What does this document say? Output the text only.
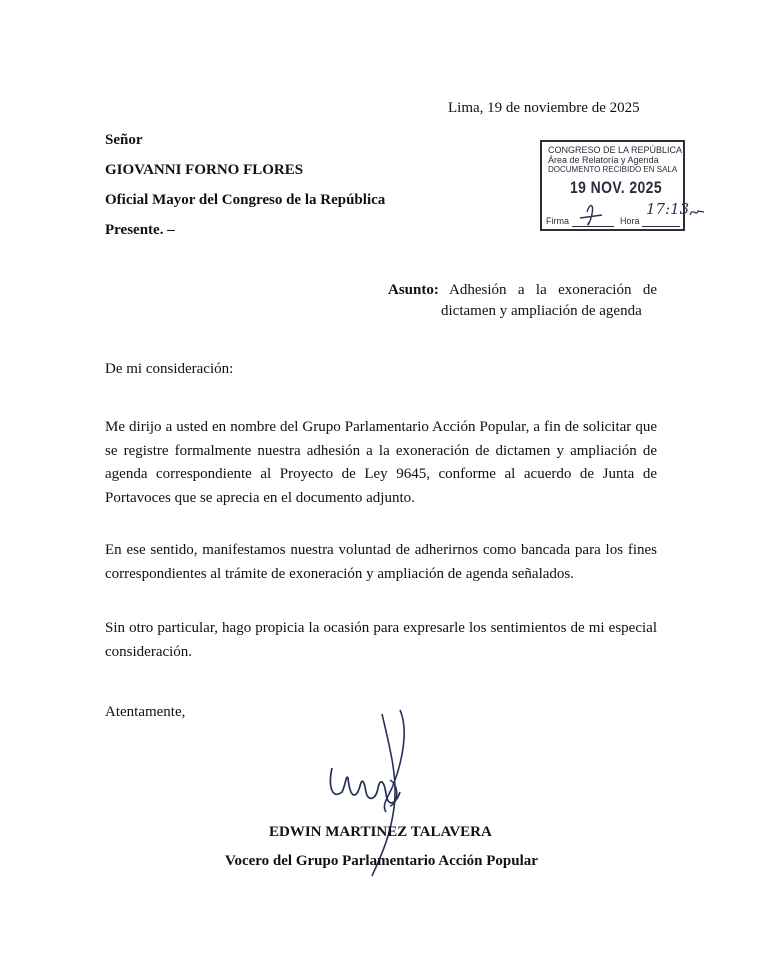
Lima, 19 de noviembre de 2025
Señor
GIOVANNI FORNO FLORES
Oficial Mayor del Congreso de la República
Presente. –
CONGRESO DE LA REPÚBLICA
Área de Relatoría y Agenda
DOCUMENTO RECIBIDO EN SALA
19 NOV. 2025
Firma	Hora
17:13
Asunto: Adhesión a la exoneración de
dictamen y ampliación de agenda
De mi consideración:
Me dirijo a usted en nombre del Grupo Parlamentario Acción Popular, a fin de solicitar que se registre formalmente nuestra adhesión a la exoneración de dictamen y ampliación de agenda correspondiente al Proyecto de Ley 9645, conforme al acuerdo de Junta de Portavoces que se aprecia en el documento adjunto.
En ese sentido, manifestamos nuestra voluntad de adherirnos como bancada para los fines correspondientes al trámite de exoneración y ampliación de agenda señalados.
Sin otro particular, hago propicia la ocasión para expresarle los sentimientos de mi especial consideración.
Atentamente,
EDWIN MARTINEZ TALAVERA
Vocero del Grupo Parlamentario Acción Popular
